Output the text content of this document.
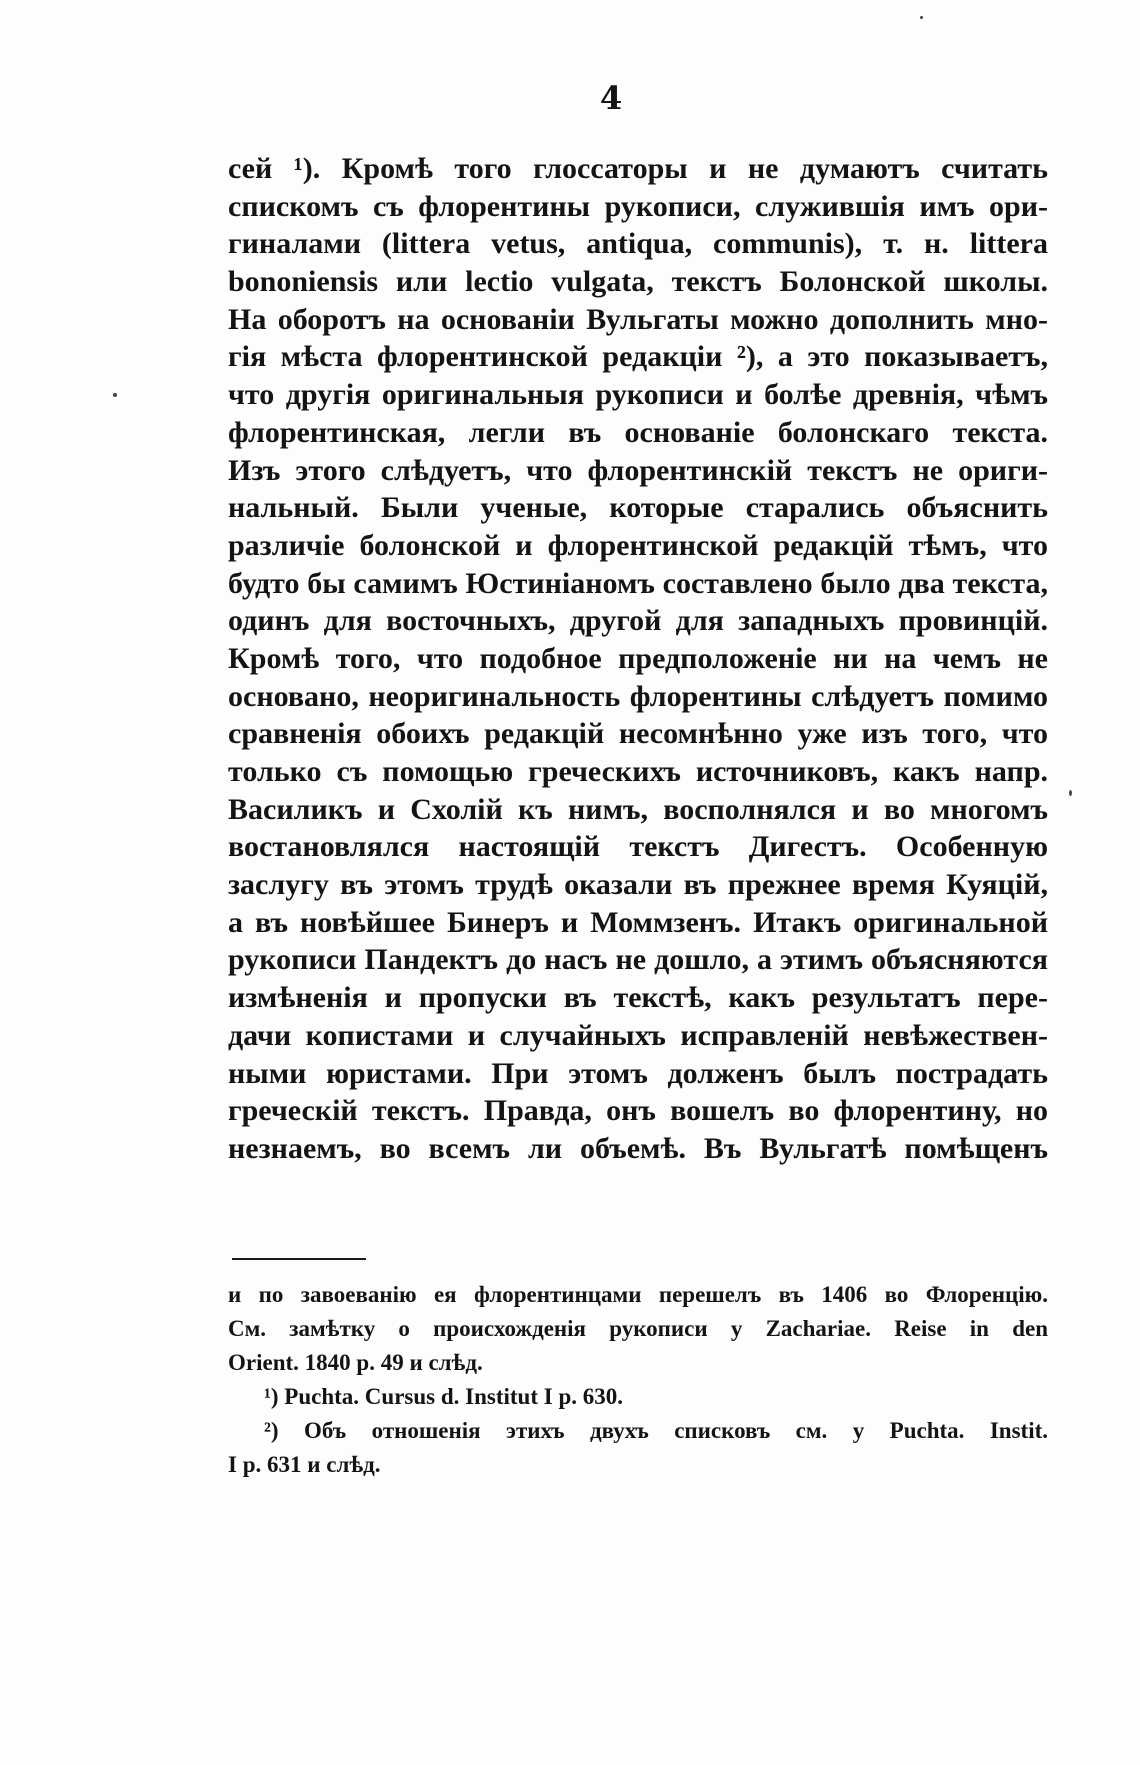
4
сей ¹). Кромѣ того глоссаторы и не думаютъ считать
спискомъ съ флорентины рукописи, служившія имъ ори-
гиналами (littera vetus, antiqua, communis), т. н. littera
bononiensis или lectio vulgata, текстъ Болонской школы.
На оборотъ на основаніи Вульгаты можно дополнить мно-
гія мѣста флорентинской редакціи ²), а это показываетъ,
что другія оригинальныя рукописи и болѣе древнія, чѣмъ
флорентинская, легли въ основаніе болонскаго текста.
Изъ этого слѣдуетъ, что флорентинскій текстъ не ориги-
нальный. Были ученые, которые старались объяснить
различіе болонской и флорентинской редакцій тѣмъ, что
будто бы самимъ Юстиніаномъ составлено было два текста,
одинъ для восточныхъ, другой для западныхъ провинцій.
Кромѣ того, что подобное предположеніе ни на чемъ не
основано, неоригинальность флорентины слѣдуетъ помимо
сравненія обоихъ редакцій несомнѣнно уже изъ того, что
только съ помощью греческихъ источниковъ, какъ напр.
Василикъ и Схолій къ нимъ, восполнялся и во многомъ
востановлялся настоящій текстъ Дигестъ. Особенную
заслугу въ этомъ трудѣ оказали въ прежнее время Куяцій,
а въ новѣйшее Бинеръ и Моммзенъ. Итакъ оригинальной
рукописи Пандектъ до насъ не дошло, а этимъ объясняются
измѣненія и пропуски въ текстѣ, какъ результатъ пере-
дачи копистами и случайныхъ исправленій невѣжествен-
ными юристами. При этомъ долженъ былъ пострадать
греческій текстъ. Правда, онъ вошелъ во флорентину, но
незнаемъ, во всемъ ли объемѣ. Въ Вульгатѣ помѣщенъ
и по завоеванію ея флорентинцами перешелъ въ 1406 во Флоренцію.
См. замѣтку о происхожденія рукописи у Zachariae. Reise in den
Orient. 1840 р. 49 и слѣд.
¹) Puchta. Cursus d. Institut I p. 630.
²) Объ отношенія этихъ двухъ списковъ см. у Puchta. Instit.
I р. 631 и слѣд.
